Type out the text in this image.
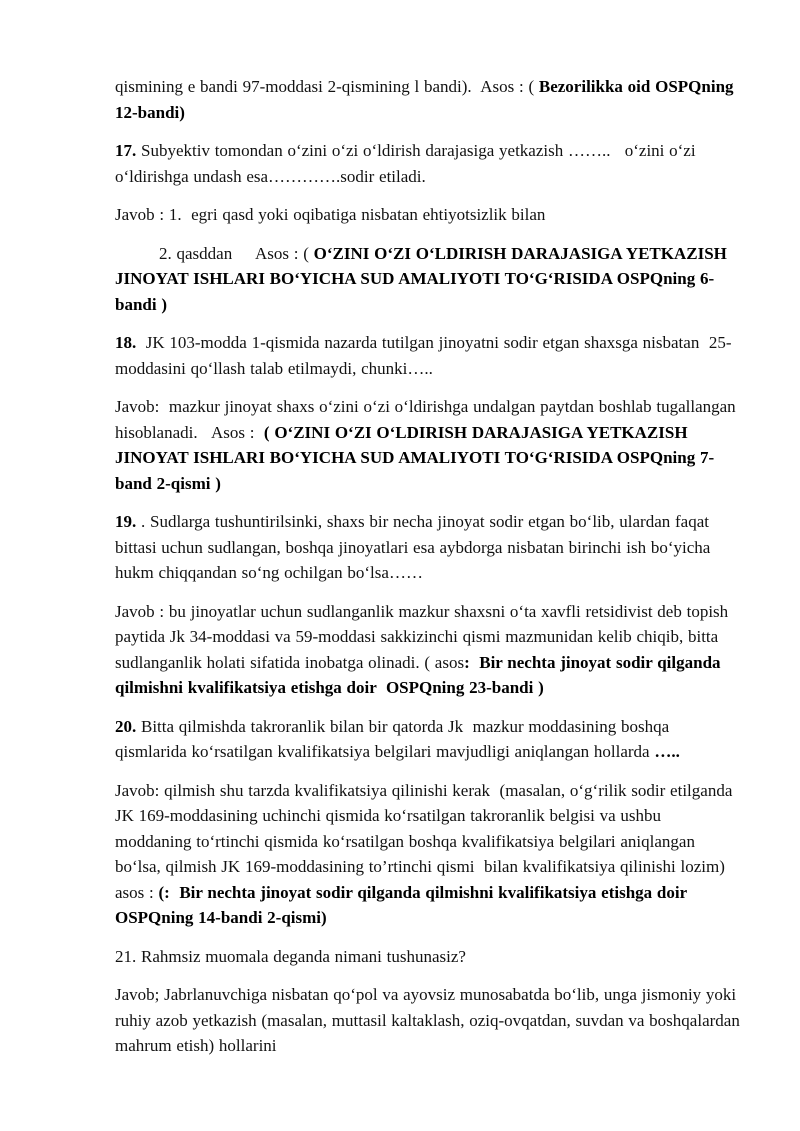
qismining e bandi 97-moddasi 2-qismining l bandi).  Asos : ( Bezorilikka oid OSPQning 12-bandi)

17. Subyektiv tomondan o‘zini o‘zi o‘ldirish darajasiga yetkazish ……..   o‘zini o‘zi o‘ldirishga undash esa………….sodir etiladi.

Javob : 1.  egri qasd yoki oqibatiga nisbatan ehtiyotsizlik bilan

2. qasddan     Asos : ( O‘ZINI O‘ZI O‘LDIRISH DARAJASIGA YETKAZISH JINOYAT ISHLARI BO‘YICHA SUD AMALIYOTI TO‘G‘RISIDA OSPQning 6-bandi )

18.  JK 103-modda 1-qismida nazarda tutilgan jinoyatni sodir etgan shaxsga nisbatan  25-moddasini qo‘llash talab etilmaydi, chunki…..

Javob:  mazkur jinoyat shaxs o‘zini o‘zi o‘ldirishga undalgan paytdan boshlab tugallangan hisoblanadi.   Asos :  ( O‘ZINI O‘ZI O‘LDIRISH DARAJASIGA YETKAZISH JINOYAT ISHLARI BO‘YICHA SUD AMALIYOTI TO‘G‘RISIDA OSPQning 7-band 2-qismi )

19. . Sudlarga tushuntirilsinki, shaxs bir necha jinoyat sodir etgan bo‘lib, ulardan faqat bittasi uchun sudlangan, boshqa jinoyatlari esa aybdorga nisbatan birinchi ish bo‘yicha hukm chiqqandan so‘ng ochilgan bo‘lsa……

Javob : bu jinoyatlar uchun sudlanganlik mazkur shaxsni o‘ta xavfli retsidivist deb topish paytida Jk 34-moddasi va 59-moddasi sakkizinchi qismi mazmunidan kelib chiqib, bitta sudlanganlik holati sifatida inobatga olinadi. ( asos:  Bir nechta jinoyat sodir qilganda qilmishni kvalifikatsiya etishga doir  OSPQning 23-bandi )

20. Bitta qilmishda takroranlik bilan bir qatorda Jk  mazkur moddasining boshqa qismlarida ko‘rsatilgan kvalifikatsiya belgilari mavjudligi aniqlangan hollarda …..

Javob: qilmish shu tarzda kvalifikatsiya qilinishi kerak  (masalan, o‘g‘rilik sodir etilganda JK 169-moddasining uchinchi qismida ko‘rsatilgan takroranlik belgisi va ushbu moddaning to‘rtinchi qismida ko‘rsatilgan boshqa kvalifikatsiya belgilari aniqlangan bo‘lsa, qilmish JK 169-moddasining to’rtinchi qismi  bilan kvalifikatsiya qilinishi lozim)  asos : (:  Bir nechta jinoyat sodir qilganda qilmishni kvalifikatsiya etishga doir  OSPQning 14-bandi 2-qismi)

21. Rahmsiz muomala deganda nimani tushunasiz?

Javob; Jabrlanuvchiga nisbatan qo‘pol va ayovsiz munosabatda bo‘lib, unga jismoniy yoki ruhiy azob yetkazish (masalan, muttasil kaltaklash, oziq-ovqatdan, suvdan va boshqalardan mahrum etish) hollarini
